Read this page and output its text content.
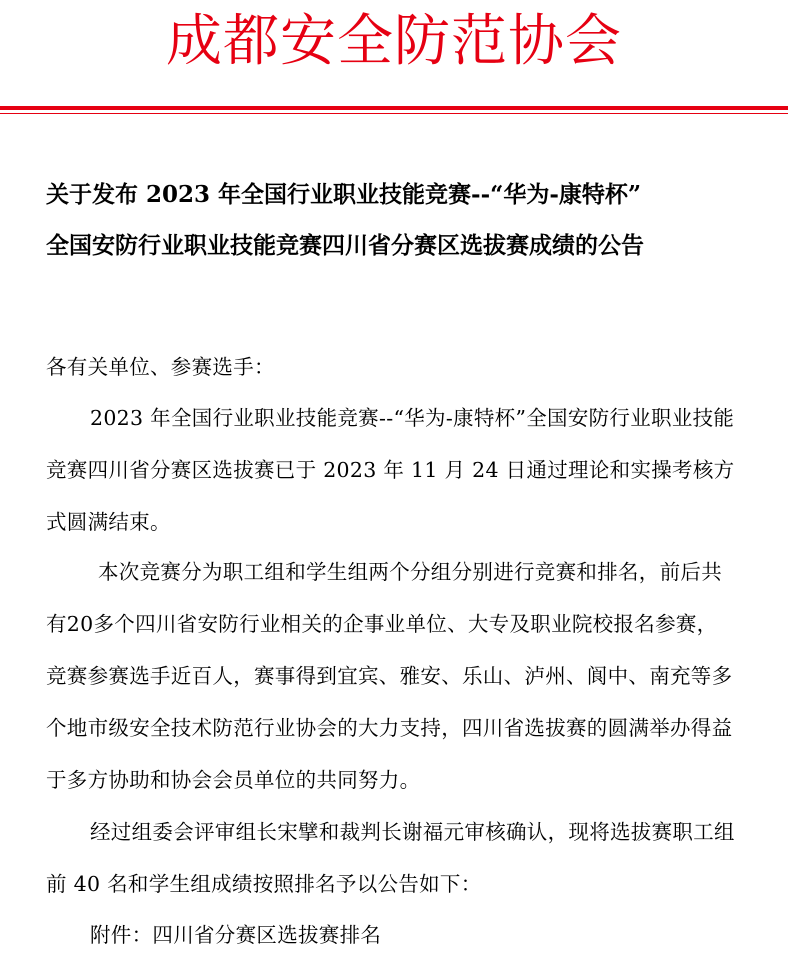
成都安全防范协会
关于发布 2023 年全国行业职业技能竞赛--“华为-康特杯”
全国安防行业职业技能竞赛四川省分赛区选拔赛成绩的公告
各有关单位、参赛选手：
2023 年全国行业职业技能竞赛--“华为-康特杯”全国安防行业职业技能竞赛四川省分赛区选拔赛已于 2023 年 11 月 24 日通过理论和实操考核方式圆满结束。
本次竞赛分为职工组和学生组两个分组分别进行竞赛和排名，前后共有20多个四川省安防行业相关的企事业单位、大专及职业院校报名参赛，竞赛参赛选手近百人，赛事得到宜宾、雅安、乐山、泸州、阆中、南充等多个地市级安全技术防范行业协会的大力支持，四川省选拔赛的圆满举办得益于多方协助和协会会员单位的共同努力。
经过组委会评审组长宋擘和裁判长谢福元审核确认，现将选拔赛职工组前 40 名和学生组成绩按照排名予以公告如下：
附件：四川省分赛区选拔赛排名
